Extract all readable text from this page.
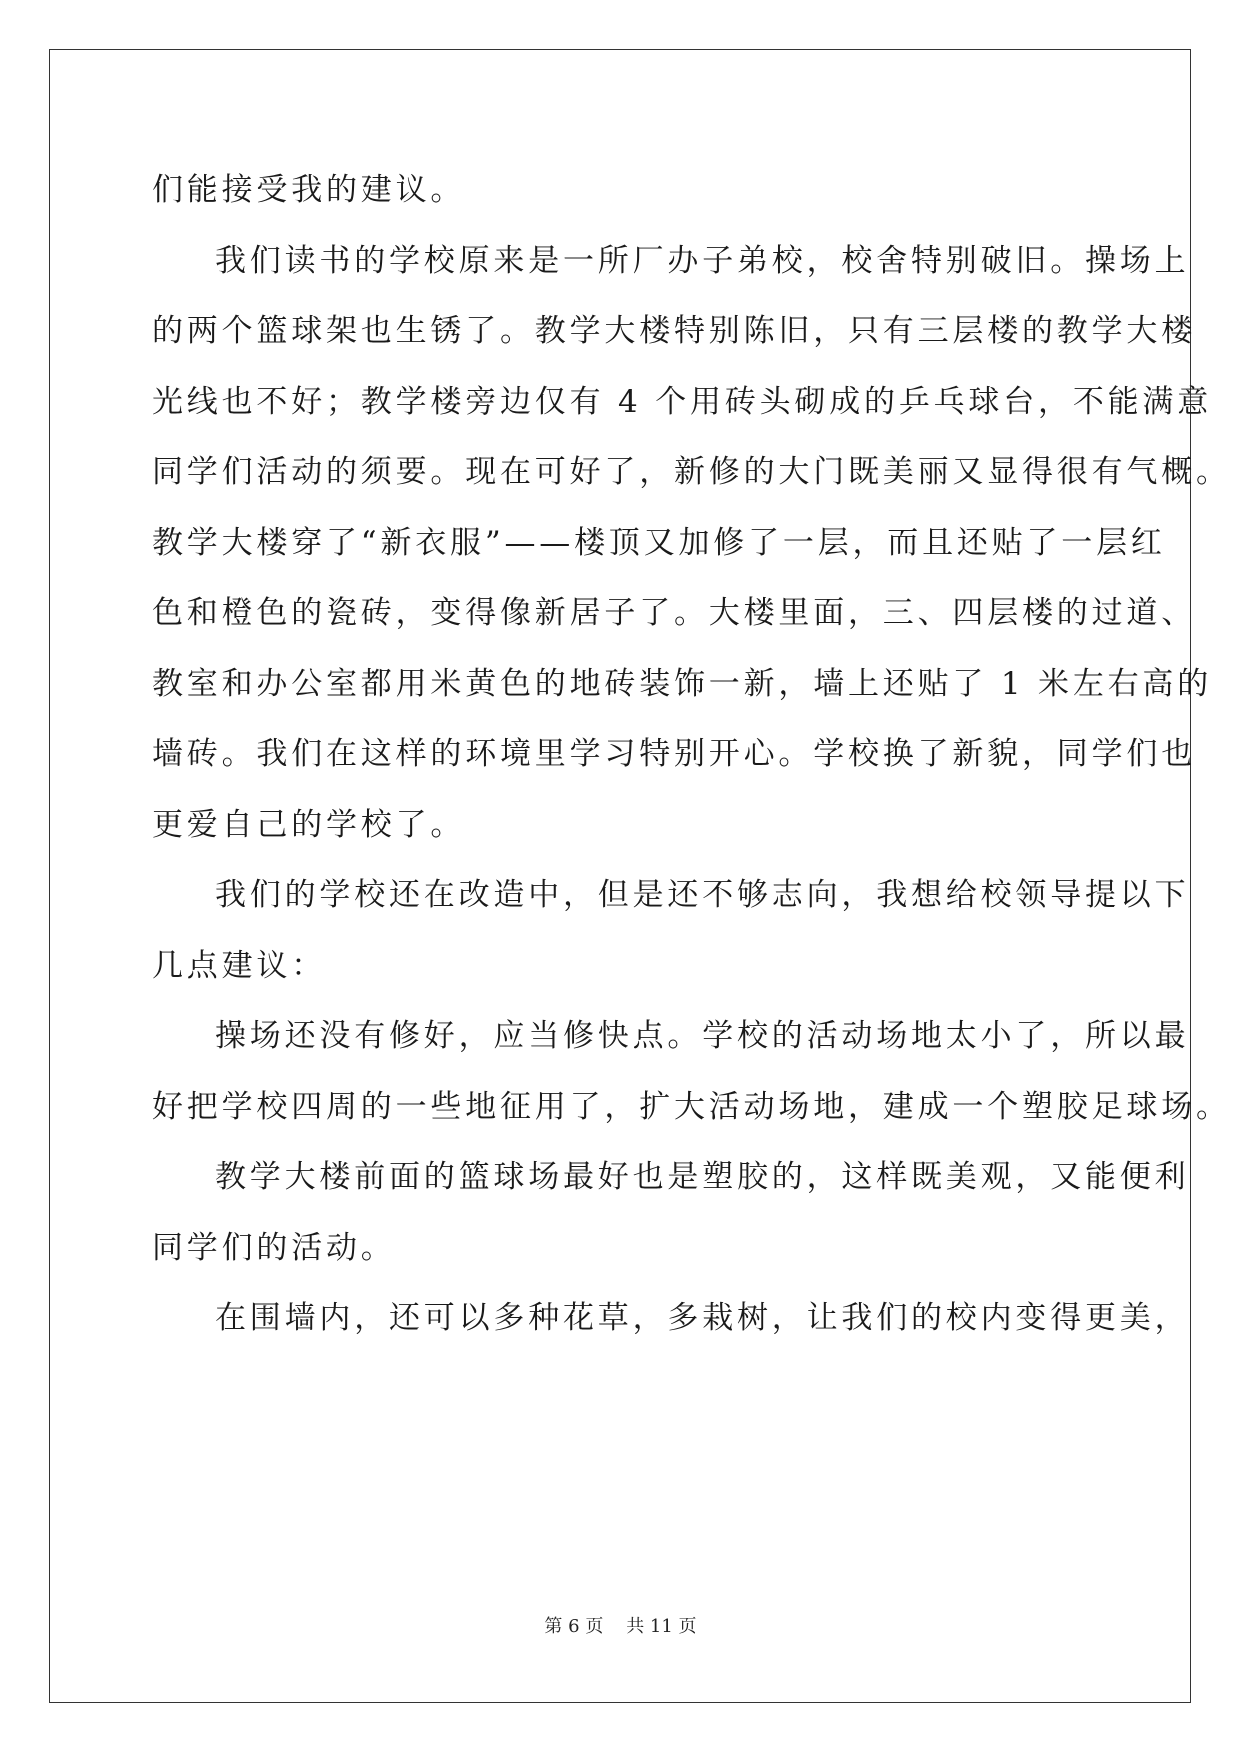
们能接受我的建议。
我们读书的学校原来是一所厂办子弟校，校舍特别破旧。操场上
的两个篮球架也生锈了。教学大楼特别陈旧，只有三层楼的教学大楼
光线也不好；教学楼旁边仅有 4 个用砖头砌成的乒乓球台，不能满意
同学们活动的须要。现在可好了，新修的大门既美丽又显得很有气概。
教学大楼穿了“新衣服”——楼顶又加修了一层，而且还贴了一层红
色和橙色的瓷砖，变得像新居子了。大楼里面，三、四层楼的过道、
教室和办公室都用米黄色的地砖装饰一新，墙上还贴了 1 米左右高的
墙砖。我们在这样的环境里学习特别开心。学校换了新貌，同学们也
更爱自己的学校了。
我们的学校还在改造中，但是还不够志向，我想给校领导提以下
几点建议：
操场还没有修好，应当修快点。学校的活动场地太小了，所以最
好把学校四周的一些地征用了，扩大活动场地，建成一个塑胶足球场。
教学大楼前面的篮球场最好也是塑胶的，这样既美观，又能便利
同学们的活动。
在围墙内，还可以多种花草，多栽树，让我们的校内变得更美，
第 6 页    共 11 页
